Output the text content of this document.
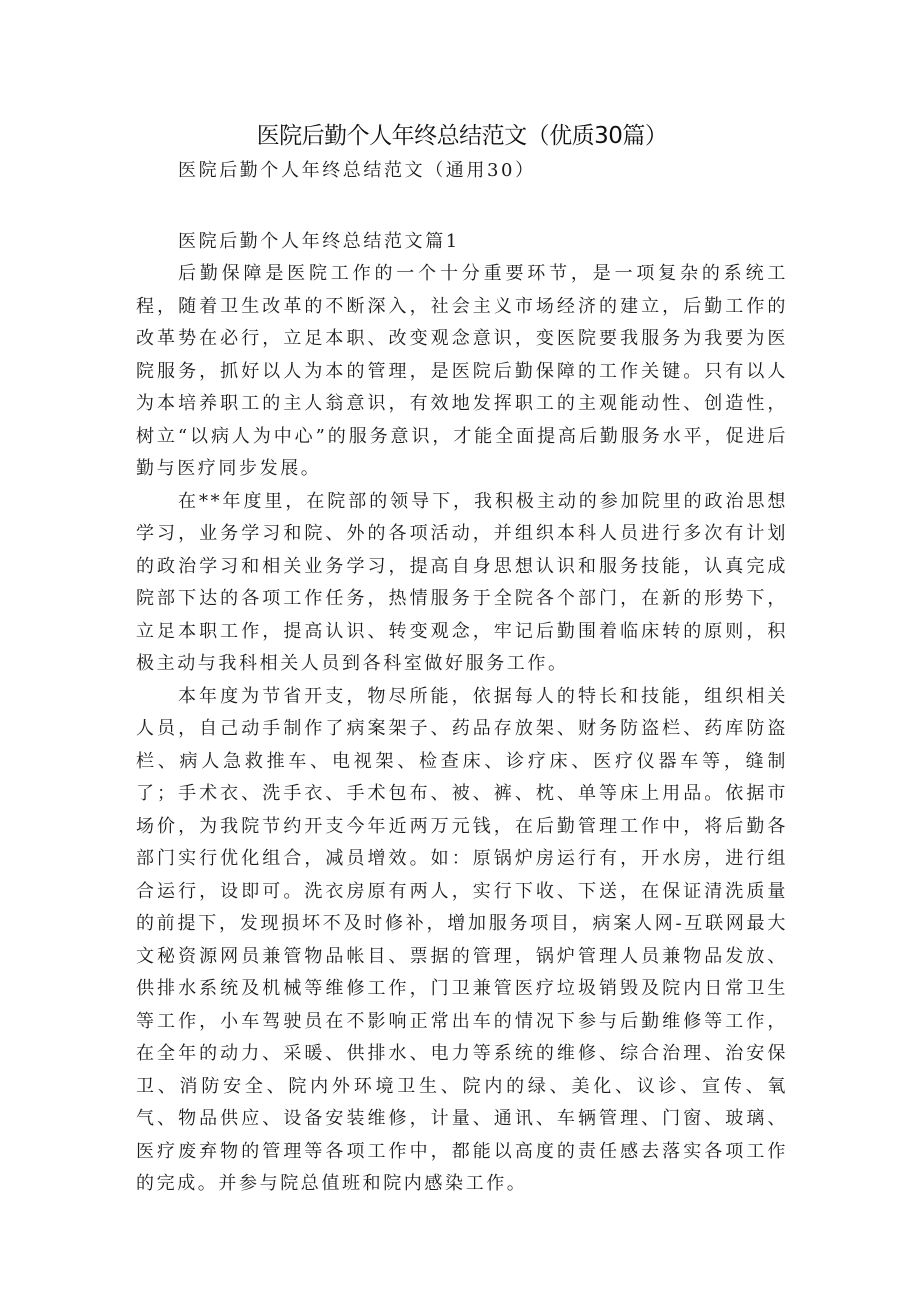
医院后勤个人年终总结范文（优质30篇）

医院后勤个人年终总结范文（通用30）

医院后勤个人年终总结范文篇1

后勤保障是医院工作的一个十分重要环节，是一项复杂的系统工程，随着卫生改革的不断深入，社会主义市场经济的建立，后勤工作的改革势在必行，立足本职、改变观念意识，变医院要我服务为我要为医院服务，抓好以人为本的管理，是医院后勤保障的工作关键。只有以人为本培养职工的主人翁意识，有效地发挥职工的主观能动性、创造性，树立“以病人为中心”的服务意识，才能全面提高后勤服务水平，促进后勤与医疗同步发展。

在**年度里，在院部的领导下，我积极主动的参加院里的政治思想学习，业务学习和院、外的各项活动，并组织本科人员进行多次有计划的政治学习和相关业务学习，提高自身思想认识和服务技能，认真完成院部下达的各项工作任务，热情服务于全院各个部门，在新的形势下，立足本职工作，提高认识、转变观念，牢记后勤围着临床转的原则，积极主动与我科相关人员到各科室做好服务工作。

本年度为节省开支，物尽所能，依据每人的特长和技能，组织相关人员，自己动手制作了病案架子、药品存放架、财务防盗栏、药库防盗栏、病人急救推车、电视架、检查床、诊疗床、医疗仪器车等，缝制了；手术衣、洗手衣、手术包布、被、裤、枕、单等床上用品。依据市场价，为我院节约开支今年近两万元钱，在后勤管理工作中，将后勤各部门实行优化组合，减员增效。如：原锅炉房运行有，开水房，进行组合运行，设即可。洗衣房原有两人，实行下收、下送，在保证清洗质量的前提下，发现损坏不及时修补，增加服务项目，病案人网-互联网最大文秘资源网员兼管物品帐目、票据的管理，锅炉管理人员兼物品发放、供排水系统及机械等维修工作，门卫兼管医疗垃圾销毁及院内日常卫生等工作，小车驾驶员在不影响正常出车的情况下参与后勤维修等工作，在全年的动力、采暖、供排水、电力等系统的维修、综合治理、治安保卫、消防安全、院内外环境卫生、院内的绿、美化、议诊、宣传、氧气、物品供应、设备安装维修，计量、通讯、车辆管理、门窗、玻璃、医疗废弃物的管理等各项工作中，都能以高度的责任感去落实各项工作的完成。并参与院总值班和院内感染工作。
